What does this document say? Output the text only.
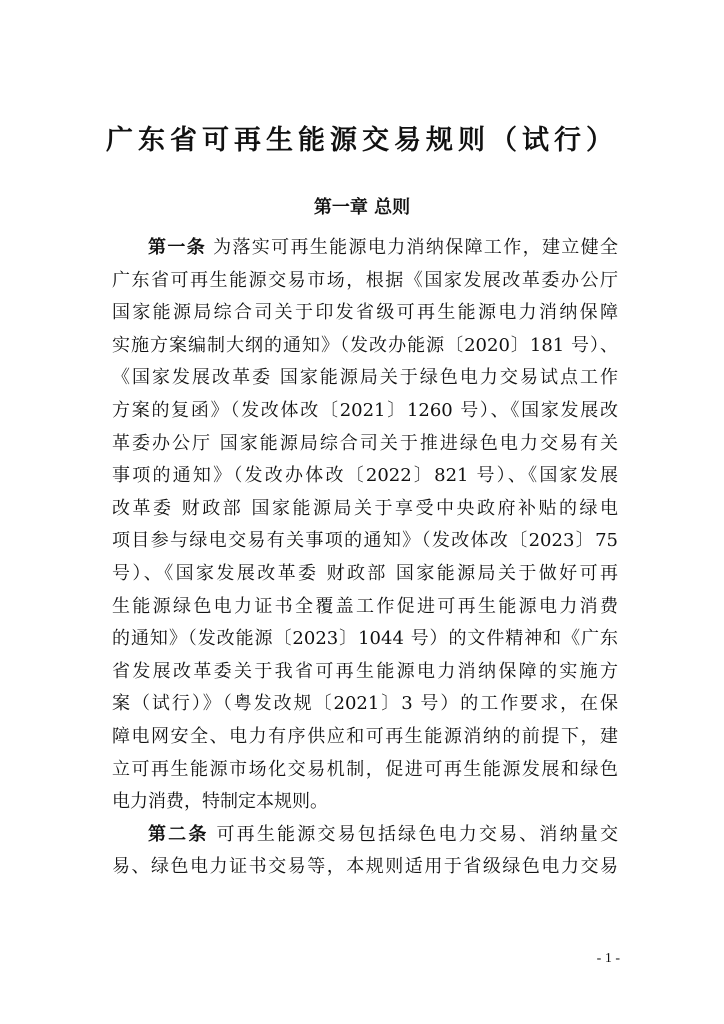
广东省可再生能源交易规则（试行）
第一章 总则
第一条 为落实可再生能源电力消纳保障工作，建立健全
广东省可再生能源交易市场，根据《国家发展改革委办公厅
国家能源局综合司关于印发省级可再生能源电力消纳保障
实施方案编制大纲的通知》（发改办能源〔2020〕181 号）、
《国家发展改革委 国家能源局关于绿色电力交易试点工作
方案的复函》（发改体改〔2021〕1260 号）、《国家发展改
革委办公厅 国家能源局综合司关于推进绿色电力交易有关
事项的通知》（发改办体改〔2022〕821 号）、《国家发展
改革委 财政部 国家能源局关于享受中央政府补贴的绿电
项目参与绿电交易有关事项的通知》（发改体改〔2023〕75
号）、《国家发展改革委 财政部 国家能源局关于做好可再
生能源绿色电力证书全覆盖工作促进可再生能源电力消费
的通知》（发改能源〔2023〕1044 号）的文件精神和《广东
省发展改革委关于我省可再生能源电力消纳保障的实施方
案（试行）》（粤发改规〔2021〕3 号）的工作要求，在保
障电网安全、电力有序供应和可再生能源消纳的前提下，建
立可再生能源市场化交易机制，促进可再生能源发展和绿色
电力消费，特制定本规则。
第二条 可再生能源交易包括绿色电力交易、消纳量交
易、绿色电力证书交易等，本规则适用于省级绿色电力交易
- 1 -
